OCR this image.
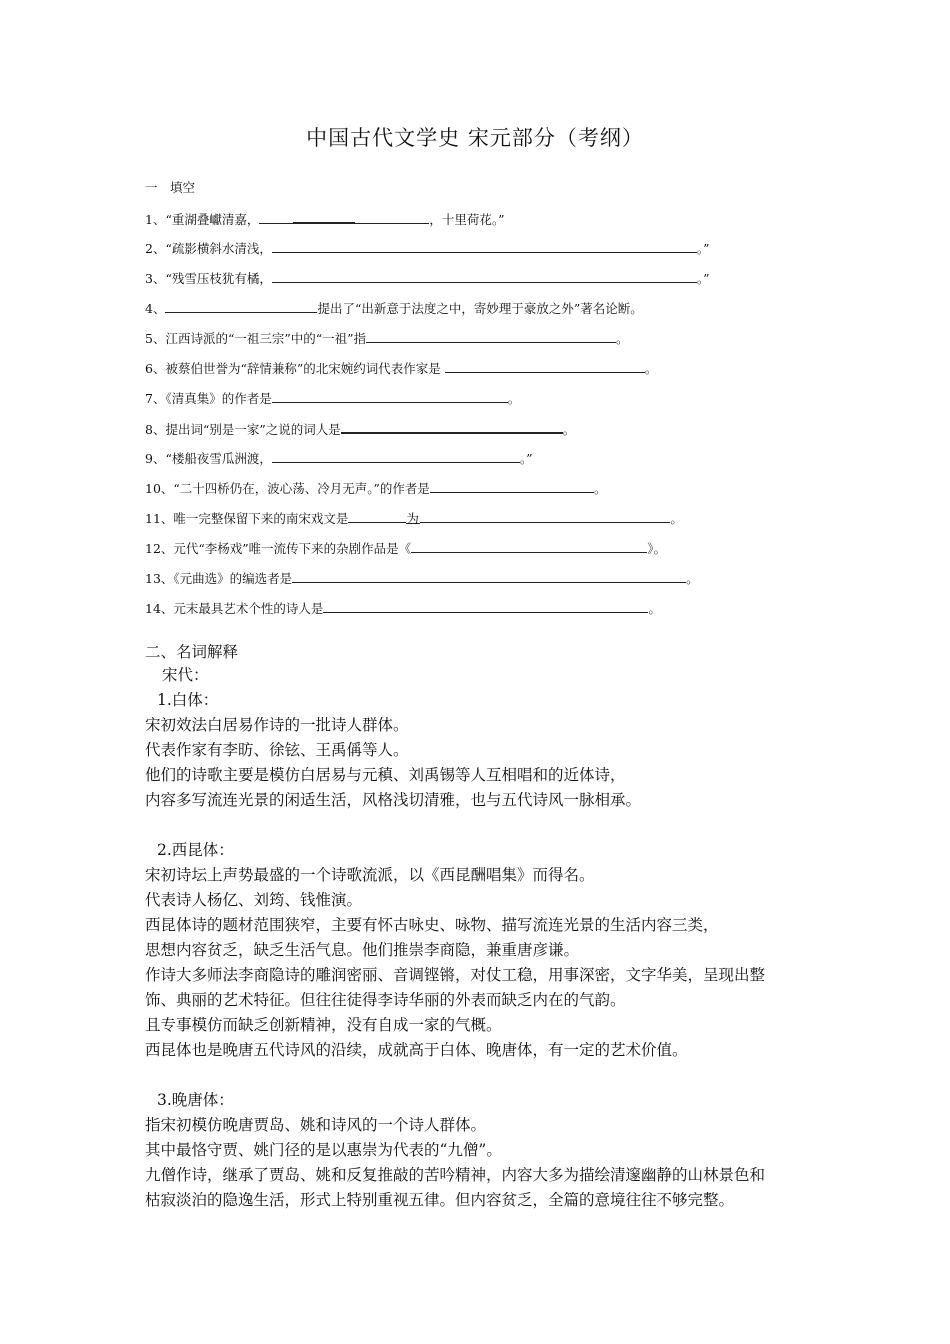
中国古代文学史 宋元部分（考纲）
一　填空
1、“重湖叠巘清嘉，	，十里荷花。”
2、“疏影横斜水清浅，	。”
3、“残雪压枝犹有橘，	。”
4、	提出了“出新意于法度之中，寄妙理于豪放之外”著名论断。
5、江西诗派的“一祖三宗”中的“一祖”指	。
6、被蔡伯世誉为“辞情兼称”的北宋婉约词代表作家是	。
7、《清真集》的作者是	。
8、提出词“别是一家”之说的词人是	。
9、“楼船夜雪瓜洲渡，	。”
10、“二十四桥仍在，波心荡、冷月无声。”的作者是	。
11、唯一完整保留下来的南宋戏文是	为	。
12、元代“李杨戏”唯一流传下来的杂剧作品是《	》。
13、《元曲选》的编选者是	。
14、元末最具艺术个性的诗人是	。
二、名词解释
宋代：
1.白体：
宋初效法白居易作诗的一批诗人群体。
代表作家有李昉、徐铉、王禹偁等人。
他们的诗歌主要是模仿白居易与元稹、刘禹锡等人互相唱和的近体诗，
内容多写流连光景的闲适生活，风格浅切清雅，也与五代诗风一脉相承。
2.西昆体：
宋初诗坛上声势最盛的一个诗歌流派，以《西昆酬唱集》而得名。
代表诗人杨亿、刘筠、钱惟演。
西昆体诗的题材范围狭窄，主要有怀古咏史、咏物、描写流连光景的生活内容三类，
思想内容贫乏，缺乏生活气息。他们推崇李商隐，兼重唐彦谦。
作诗大多师法李商隐诗的雕润密丽、音调铿锵，对仗工稳，用事深密，文字华美，呈现出整
饰、典丽的艺术特征。但往往徒得李诗华丽的外表而缺乏内在的气韵。
且专事模仿而缺乏创新精神，没有自成一家的气概。
西昆体也是晚唐五代诗风的沿续，成就高于白体、晚唐体，有一定的艺术价值。
3.晚唐体：
指宋初模仿晚唐贾岛、姚和诗风的一个诗人群体。
其中最恪守贾、姚门径的是以惠崇为代表的“九僧”。
九僧作诗，继承了贾岛、姚和反复推敲的苦吟精神，内容大多为描绘清邃幽静的山林景色和
枯寂淡泊的隐逸生活，形式上特别重视五律。但内容贫乏，全篇的意境往往不够完整。
